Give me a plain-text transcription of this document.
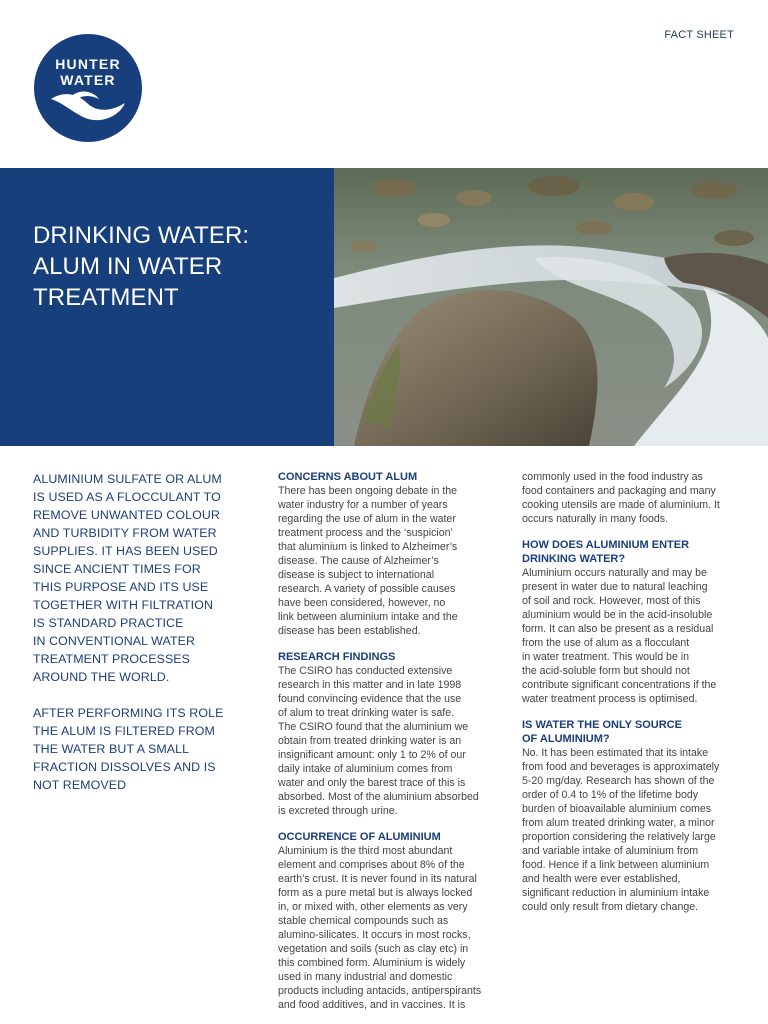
HUNTER
WATER
FACT SHEET
DRINKING WATER:
ALUM IN WATER
TREATMENT
ALUMINIUM SULFATE OR ALUM
IS USED AS A FLOCCULANT TO
REMOVE UNWANTED COLOUR
AND TURBIDITY FROM WATER
SUPPLIES. IT HAS BEEN USED
SINCE ANCIENT TIMES FOR
THIS PURPOSE AND ITS USE
TOGETHER WITH FILTRATION
IS STANDARD PRACTICE
IN CONVENTIONAL WATER
TREATMENT PROCESSES
AROUND THE WORLD.
AFTER PERFORMING ITS ROLE
THE ALUM IS FILTERED FROM
THE WATER BUT A SMALL
FRACTION DISSOLVES AND IS
NOT REMOVED
CONCERNS ABOUT ALUM
There has been ongoing debate in the
water industry for a number of years
regarding the use of alum in the water
treatment process and the ‘suspicion’
that aluminium is linked to Alzheimer’s
disease. The cause of Alzheimer’s
disease is subject to international
research. A variety of possible causes
have been considered, however, no
link between aluminium intake and the
disease has been established.
RESEARCH FINDINGS
The CSIRO has conducted extensive
research in this matter and in late 1998
found convincing evidence that the use
of alum to treat drinking water is safe.
The CSIRO found that the aluminium we
obtain from treated drinking water is an
insignificant amount: only 1 to 2% of our
daily intake of aluminium comes from
water and only the barest trace of this is
absorbed. Most of the aluminium absorbed
is excreted through urine.
OCCURRENCE OF ALUMINIUM
Aluminium is the third most abundant
element and comprises about 8% of the
earth’s crust. It is never found in its natural
form as a pure metal but is always locked
in, or mixed with, other elements as very
stable chemical compounds such as
alumino-silicates. It occurs in most rocks,
vegetation and soils (such as clay etc) in
this combined form. Aluminium is widely
used in many industrial and domestic
products including antacids, antiperspirants
and food additives, and in vaccines. It is
commonly used in the food industry as
food containers and packaging and many
cooking utensils are made of aluminium. It
occurs naturally in many foods.
HOW DOES ALUMINIUM ENTER
DRINKING WATER?
Aluminium occurs naturally and may be
present in water due to natural leaching
of soil and rock. However, most of this
aluminium would be in the acid-insoluble
form. It can also be present as a residual
from the use of alum as a flocculant
in water treatment. This would be in
the acid-soluble form but should not
contribute significant concentrations if the
water treatment process is optimised.
IS WATER THE ONLY SOURCE
OF ALUMINIUM?
No. It has been estimated that its intake
from food and beverages is approximately
5-20 mg/day. Research has shown of the
order of 0.4 to 1% of the lifetime body
burden of bioavailable aluminium comes
from alum treated drinking water, a minor
proportion considering the relatively large
and variable intake of aluminium from
food. Hence if a link between aluminium
and health were ever established,
significant reduction in aluminium intake
could only result from dietary change.
